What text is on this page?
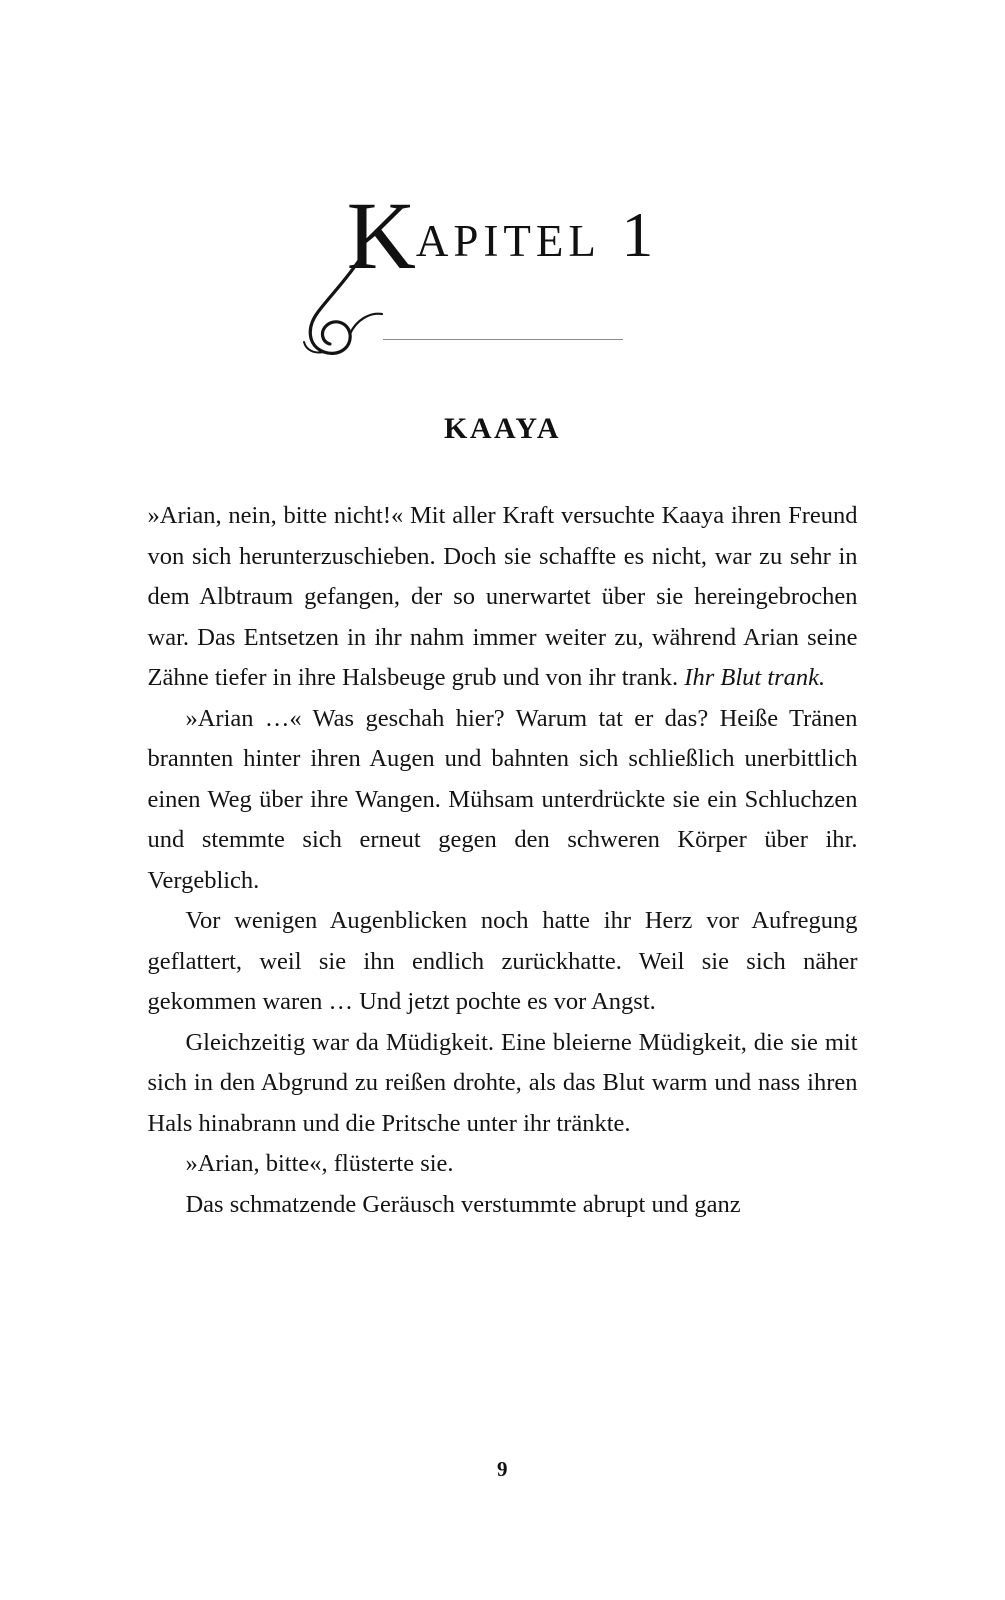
Kapitel 1
KAAYA

»Arian, nein, bitte nicht!« Mit aller Kraft versuchte Kaaya ihren Freund von sich herunterzuschieben. Doch sie schaffte es nicht, war zu sehr in dem Albtraum gefangen, der so unerwartet über sie hereingebrochen war. Das Entsetzen in ihr nahm immer weiter zu, während Arian seine Zähne tiefer in ihre Halsbeuge grub und von ihr trank. Ihr Blut trank.

»Arian …« Was geschah hier? Warum tat er das? Heiße Tränen brannten hinter ihren Augen und bahnten sich schließlich unerbittlich einen Weg über ihre Wangen. Mühsam unterdrückte sie ein Schluchzen und stemmte sich erneut gegen den schweren Körper über ihr. Vergeblich.

Vor wenigen Augenblicken noch hatte ihr Herz vor Aufregung geflattert, weil sie ihn endlich zurückhatte. Weil sie sich näher gekommen waren … Und jetzt pochte es vor Angst.

Gleichzeitig war da Müdigkeit. Eine bleierne Müdigkeit, die sie mit sich in den Abgrund zu reißen drohte, als das Blut warm und nass ihren Hals hinabrann und die Pritsche unter ihr tränkte.

»Arian, bitte«, flüsterte sie.

Das schmatzende Geräusch verstummte abrupt und ganz

9
